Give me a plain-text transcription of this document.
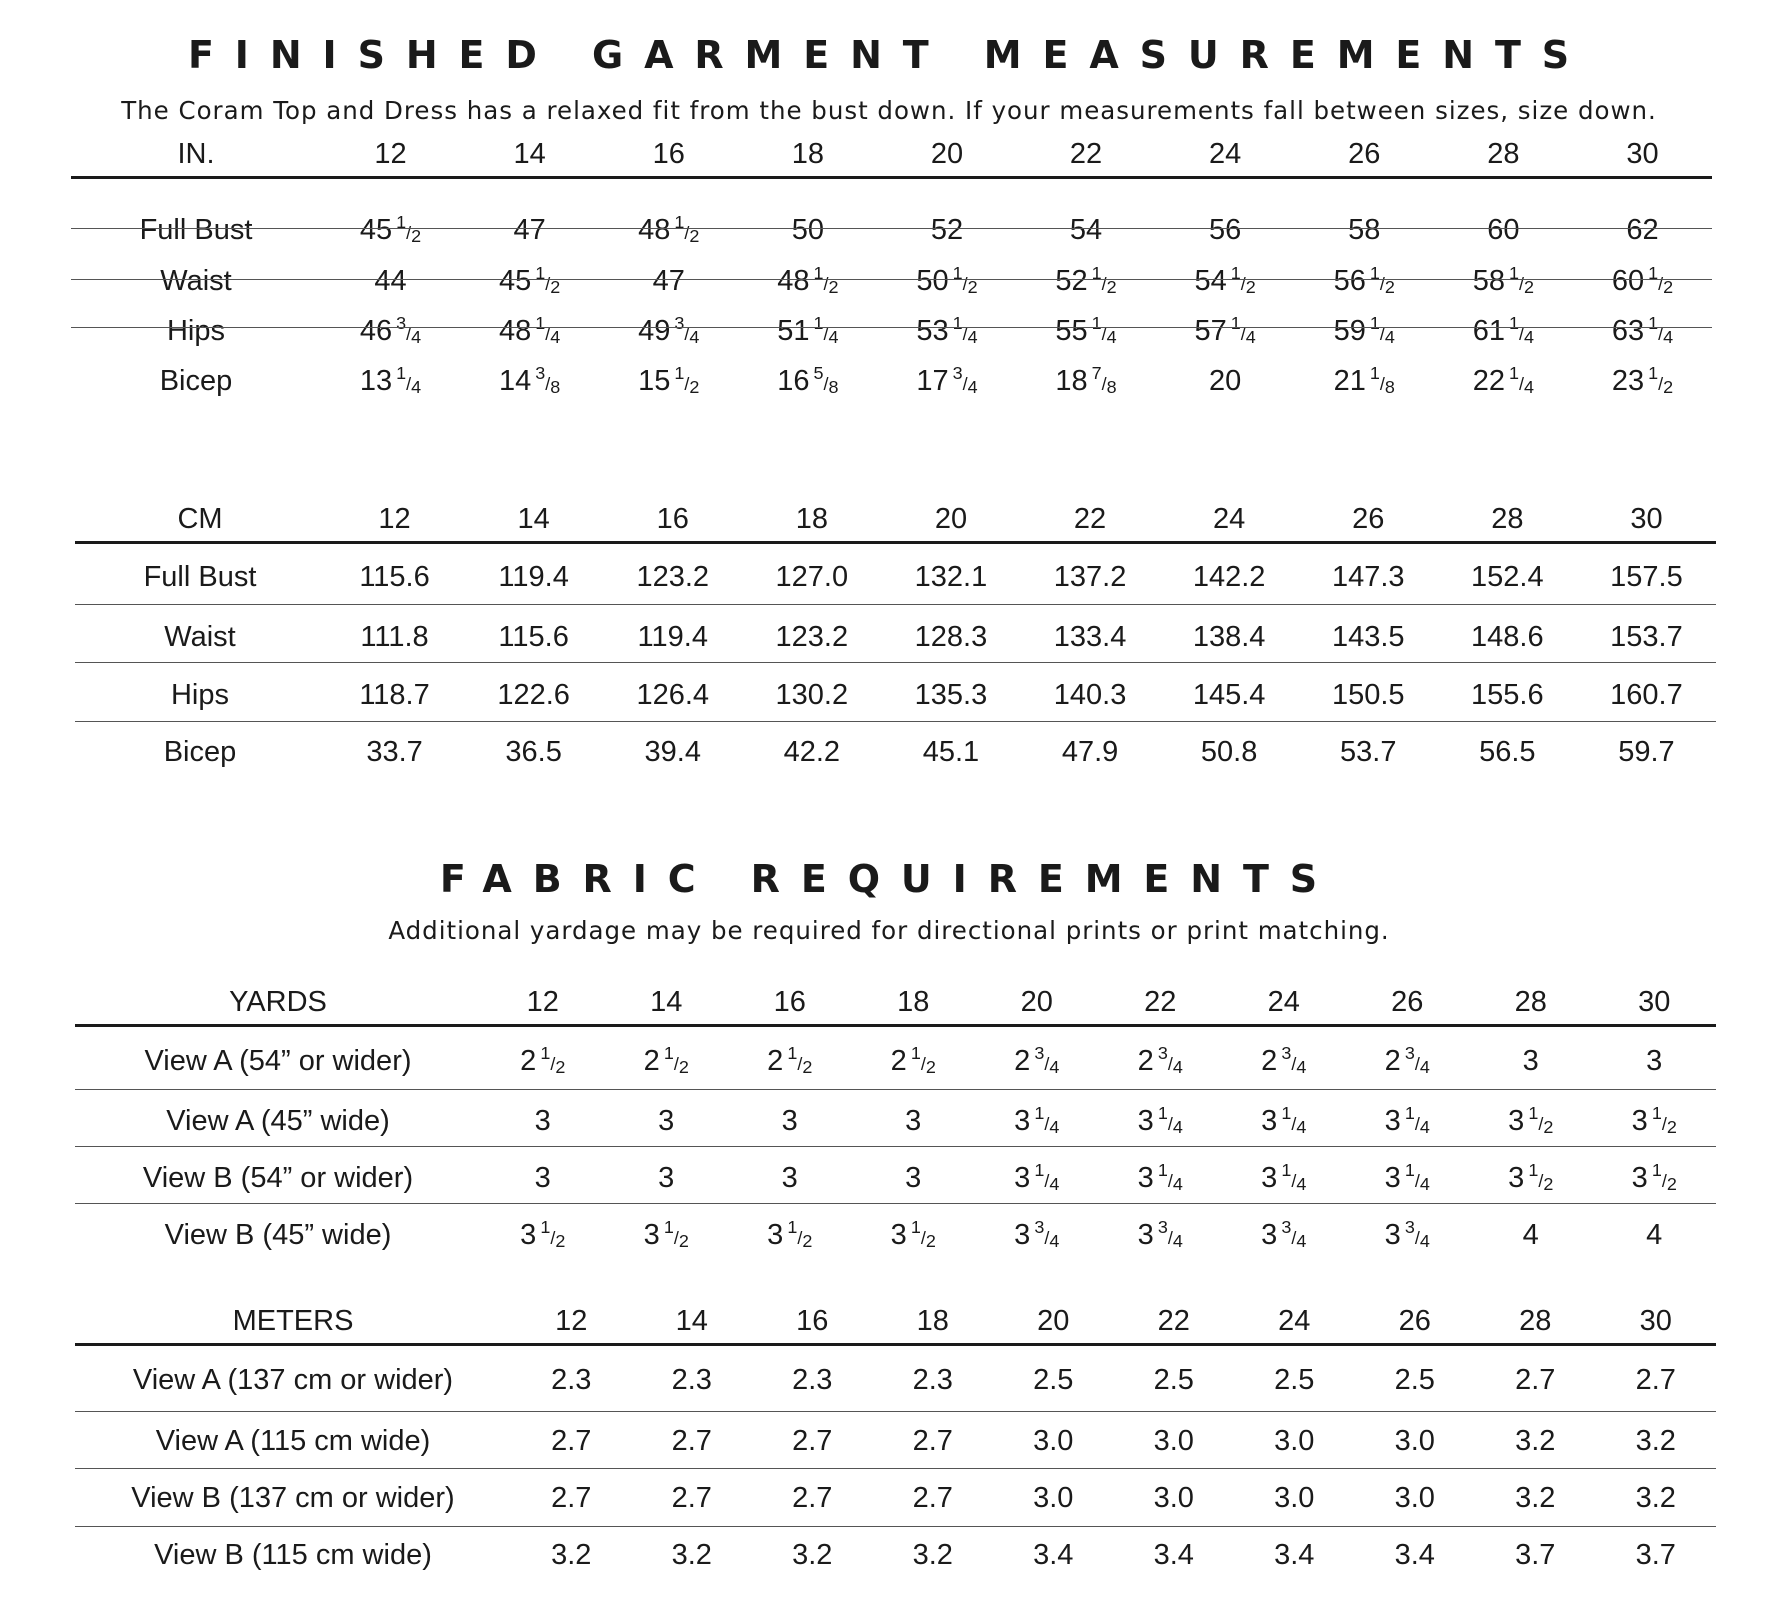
FINISHED GARMENT MEASUREMENTS
The Coram Top and Dress has a relaxed fit from the bust down. If your measurements fall between sizes, size down.
IN.	12	14	16	18	20	22	24	26	28	30
Full Bust	45 1/2	47	48 1/2	50	52	54	56	58	60	62
Waist	44	45 1/2	47	48 1/2	50 1/2	52 1/2	54 1/2	56 1/2	58 1/2	60 1/2
Hips	46 3/4	48 1/4	49 3/4	51 1/4	53 1/4	55 1/4	57 1/4	59 1/4	61 1/4	63 1/4
Bicep	13 1/4	14 3/8	15 1/2	16 5/8	17 3/4	18 7/8	20	21 1/8	22 1/4	23 1/2
CM	12	14	16	18	20	22	24	26	28	30
Full Bust	115.6	119.4	123.2	127.0	132.1	137.2	142.2	147.3	152.4	157.5
Waist	111.8	115.6	119.4	123.2	128.3	133.4	138.4	143.5	148.6	153.7
Hips	118.7	122.6	126.4	130.2	135.3	140.3	145.4	150.5	155.6	160.7
Bicep	33.7	36.5	39.4	42.2	45.1	47.9	50.8	53.7	56.5	59.7
FABRIC REQUIREMENTS
Additional yardage may be required for directional prints or print matching.
YARDS	12	14	16	18	20	22	24	26	28	30
View A (54” or wider)	2 1/2	2 1/2	2 1/2	2 1/2	2 3/4	2 3/4	2 3/4	2 3/4	3	3
View A (45” wide)	3	3	3	3	3 1/4	3 1/4	3 1/4	3 1/4	3 1/2	3 1/2
View B (54” or wider)	3	3	3	3	3 1/4	3 1/4	3 1/4	3 1/4	3 1/2	3 1/2
View B (45” wide)	3 1/2	3 1/2	3 1/2	3 1/2	3 3/4	3 3/4	3 3/4	3 3/4	4	4
METERS	12	14	16	18	20	22	24	26	28	30
View A (137 cm or wider)	2.3	2.3	2.3	2.3	2.5	2.5	2.5	2.5	2.7	2.7
View A (115 cm wide)	2.7	2.7	2.7	2.7	3.0	3.0	3.0	3.0	3.2	3.2
View B (137 cm or wider)	2.7	2.7	2.7	2.7	3.0	3.0	3.0	3.0	3.2	3.2
View B (115 cm wide)	3.2	3.2	3.2	3.2	3.4	3.4	3.4	3.4	3.7	3.7
